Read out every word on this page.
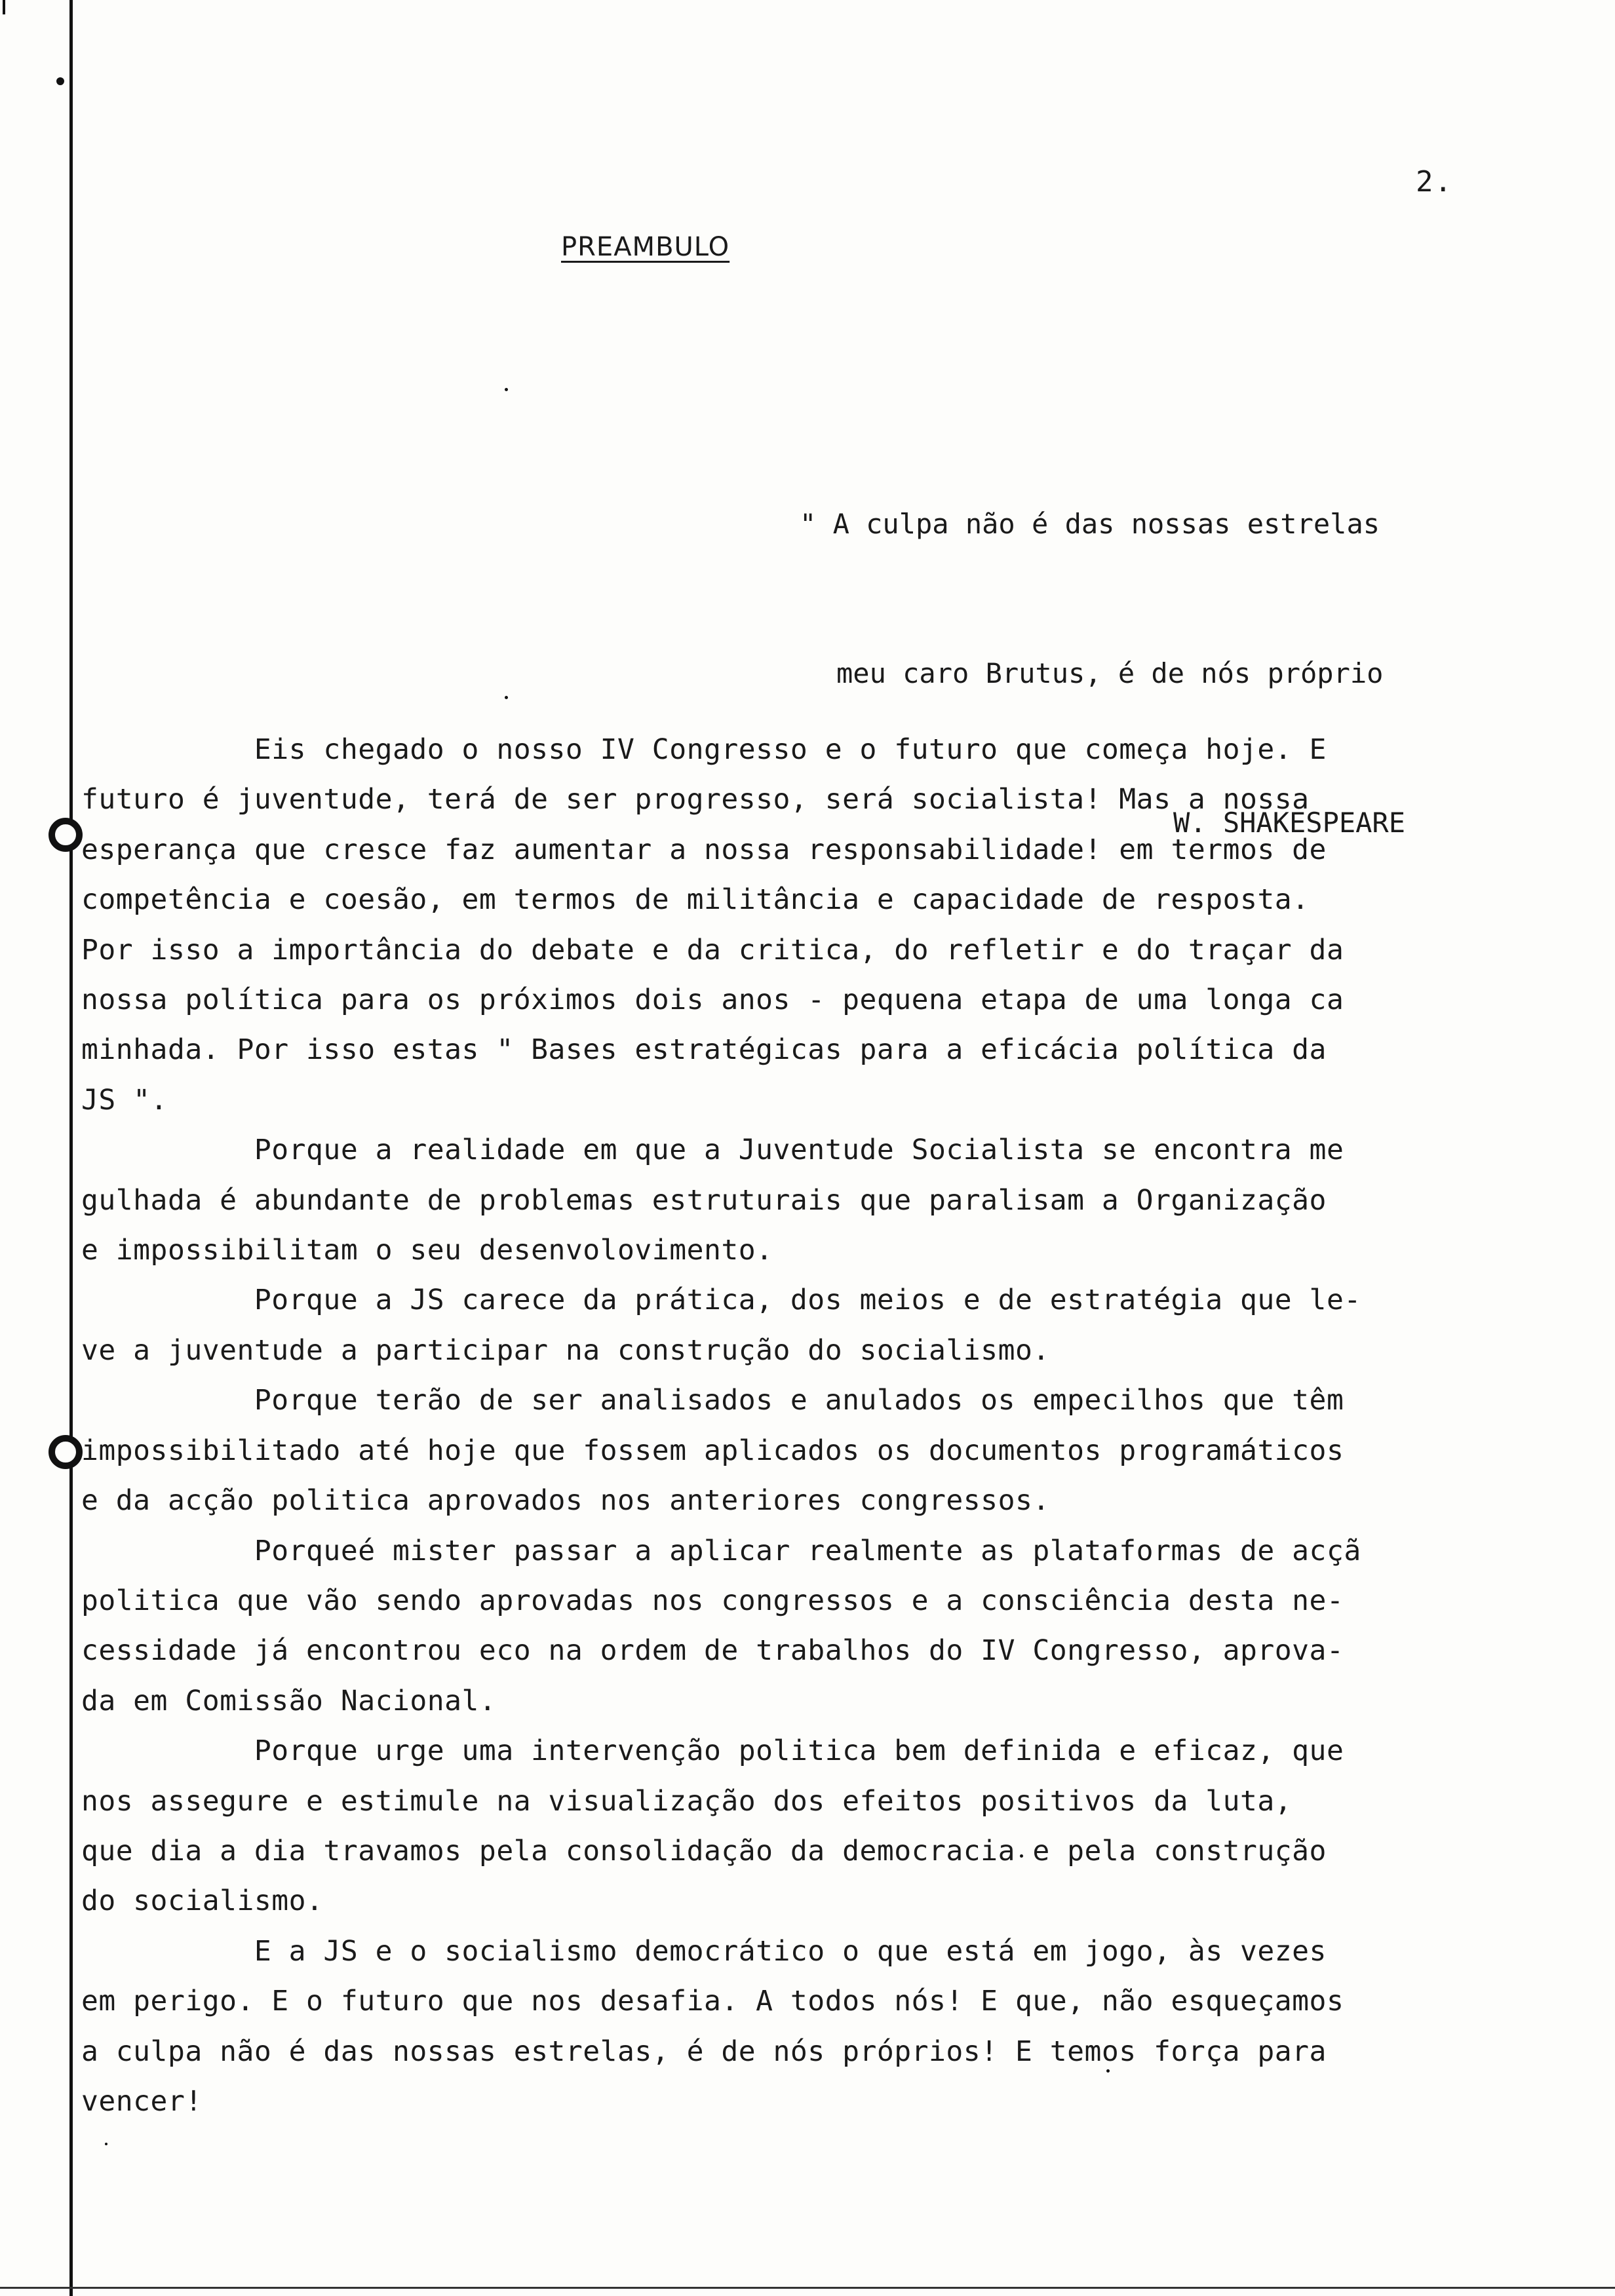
2.
PREAMBULO

" A culpa não é das nossas estrelas

meu caro Brutus, é de nós próprio

W. SHAKESPEARE

Eis chegado o nosso IV Congresso e o futuro que começa hoje. E
futuro é juventude, terá de ser progresso, será socialista! Mas a nossa
esperança que cresce faz aumentar a nossa responsabilidade! em termos de
competência e coesão, em termos de militância e capacidade de resposta.
Por isso a importância do debate e da critica, do refletir e do traçar da
nossa política para os próximos dois anos - pequena etapa de uma longa ca
minhada. Por isso estas " Bases estratégicas para a eficácia política da
JS ".
Porque a realidade em que a Juventude Socialista se encontra me
gulhada é abundante de problemas estruturais que paralisam a Organização
e impossibilitam o seu desenvolovimento.
Porque a JS carece da prática, dos meios e de estratégia que le-
ve a juventude a participar na construção do socialismo.
Porque terão de ser analisados e anulados os empecilhos que têm
impossibilitado até hoje que fossem aplicados os documentos programáticos
e da acção politica aprovados nos anteriores congressos.
Porqueé mister passar a aplicar realmente as plataformas de acçã
politica que vão sendo aprovadas nos congressos e a consciência desta ne-
cessidade já encontrou eco na ordem de trabalhos do IV Congresso, aprova-
da em Comissão Nacional.
Porque urge uma intervenção politica bem definida e eficaz, que
nos assegure e estimule na visualização dos efeitos positivos da luta,
que dia a dia travamos pela consolidação da democracia e pela construção
do socialismo.
E a JS e o socialismo democrático o que está em jogo, às vezes
em perigo. E o futuro que nos desafia. A todos nós! E que, não esqueçamos
a culpa não é das nossas estrelas, é de nós próprios! E temos força para
vencer!
